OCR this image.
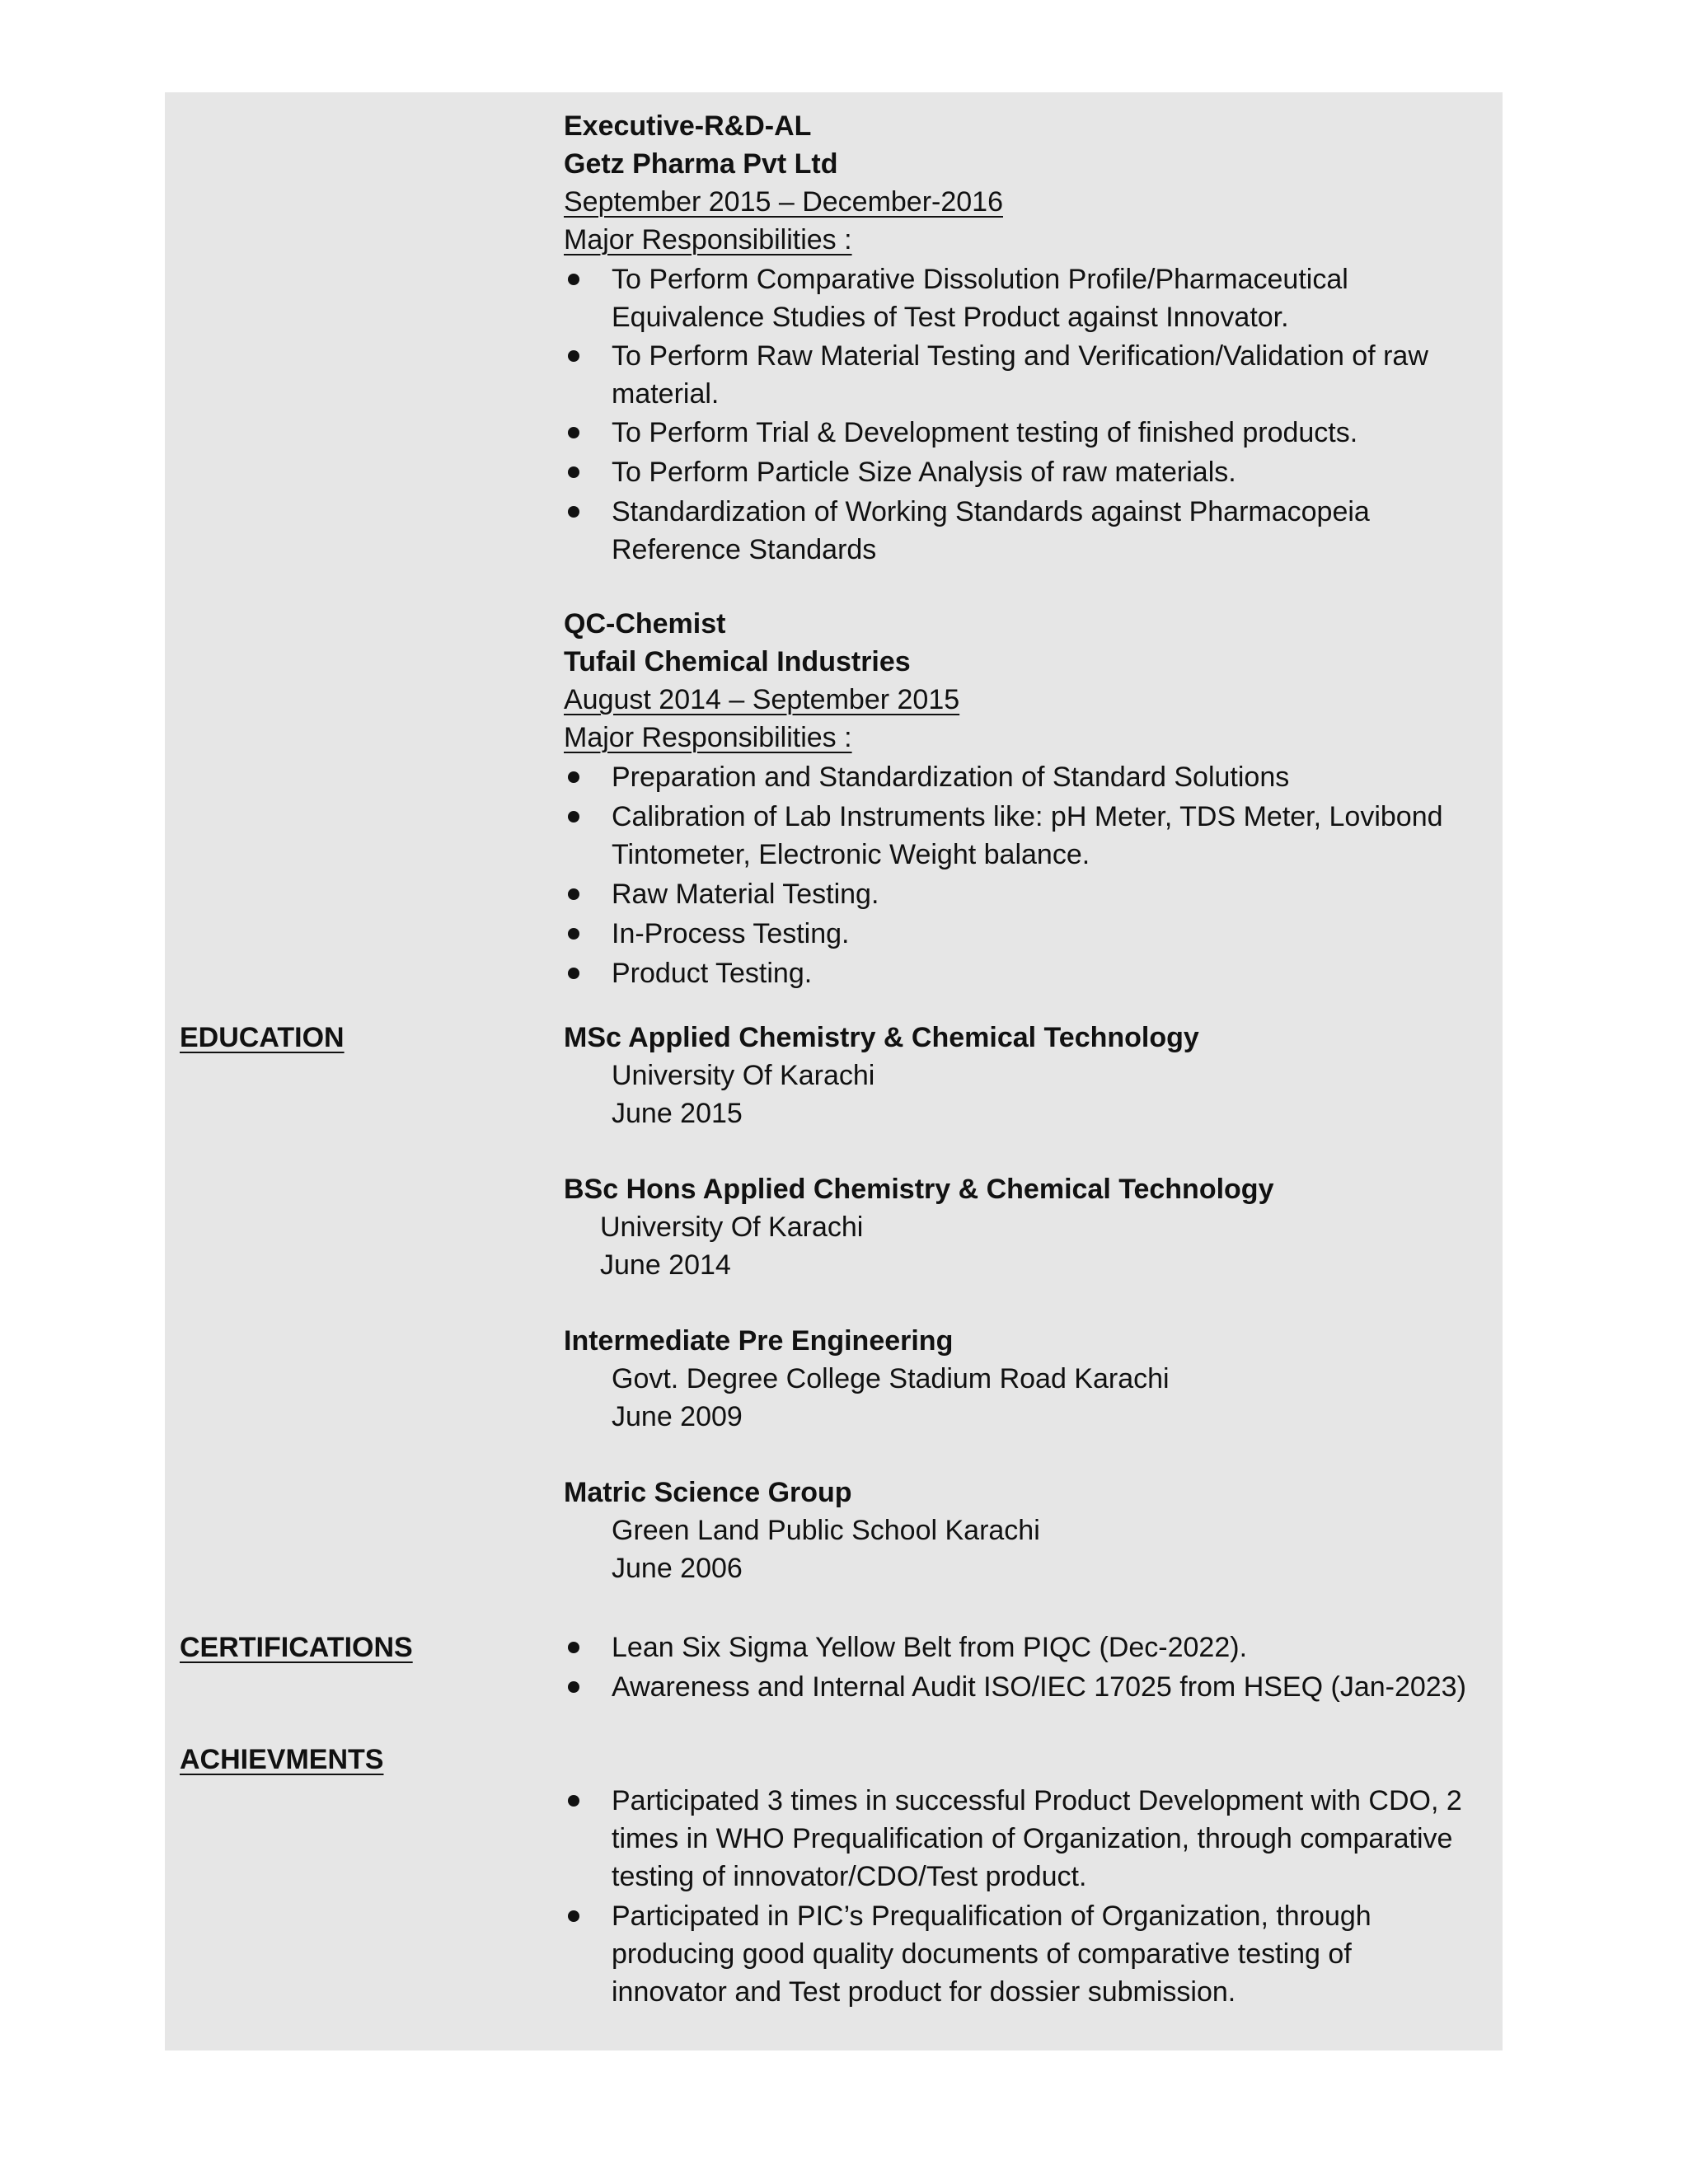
Executive-R&D-AL
Getz Pharma Pvt Ltd
September 2015 – December-2016
Major Responsibilities :
To Perform Comparative Dissolution Profile/Pharmaceutical
Equivalence Studies of Test Product against Innovator.
To Perform Raw Material Testing and Verification/Validation of raw
material.
To Perform Trial & Development testing of finished products.
To Perform Particle Size Analysis of raw materials.
Standardization of Working Standards against Pharmacopeia
Reference Standards
QC-Chemist
Tufail Chemical Industries
August 2014 – September 2015
Major Responsibilities :
Preparation and Standardization of Standard Solutions
Calibration of Lab Instruments like: pH Meter, TDS Meter, Lovibond
Tintometer, Electronic Weight balance.
Raw Material Testing.
In-Process Testing.
Product Testing.
EDUCATION	MSc Applied Chemistry & Chemical Technology
University Of Karachi
June 2015
BSc Hons Applied Chemistry & Chemical Technology
University Of Karachi
June 2014
Intermediate Pre Engineering
Govt. Degree College Stadium Road Karachi
June 2009
Matric Science Group
Green Land Public School Karachi
June 2006
CERTIFICATIONS	Lean Six Sigma Yellow Belt from PIQC (Dec-2022).
Awareness and Internal Audit ISO/IEC 17025 from HSEQ (Jan-2023)
ACHIEVMENTS
Participated 3 times in successful Product Development with CDO, 2
times in WHO Prequalification of Organization, through comparative
testing of innovator/CDO/Test product.
Participated in PIC’s Prequalification of Organization, through
producing good quality documents of comparative testing of
innovator and Test product for dossier submission.
